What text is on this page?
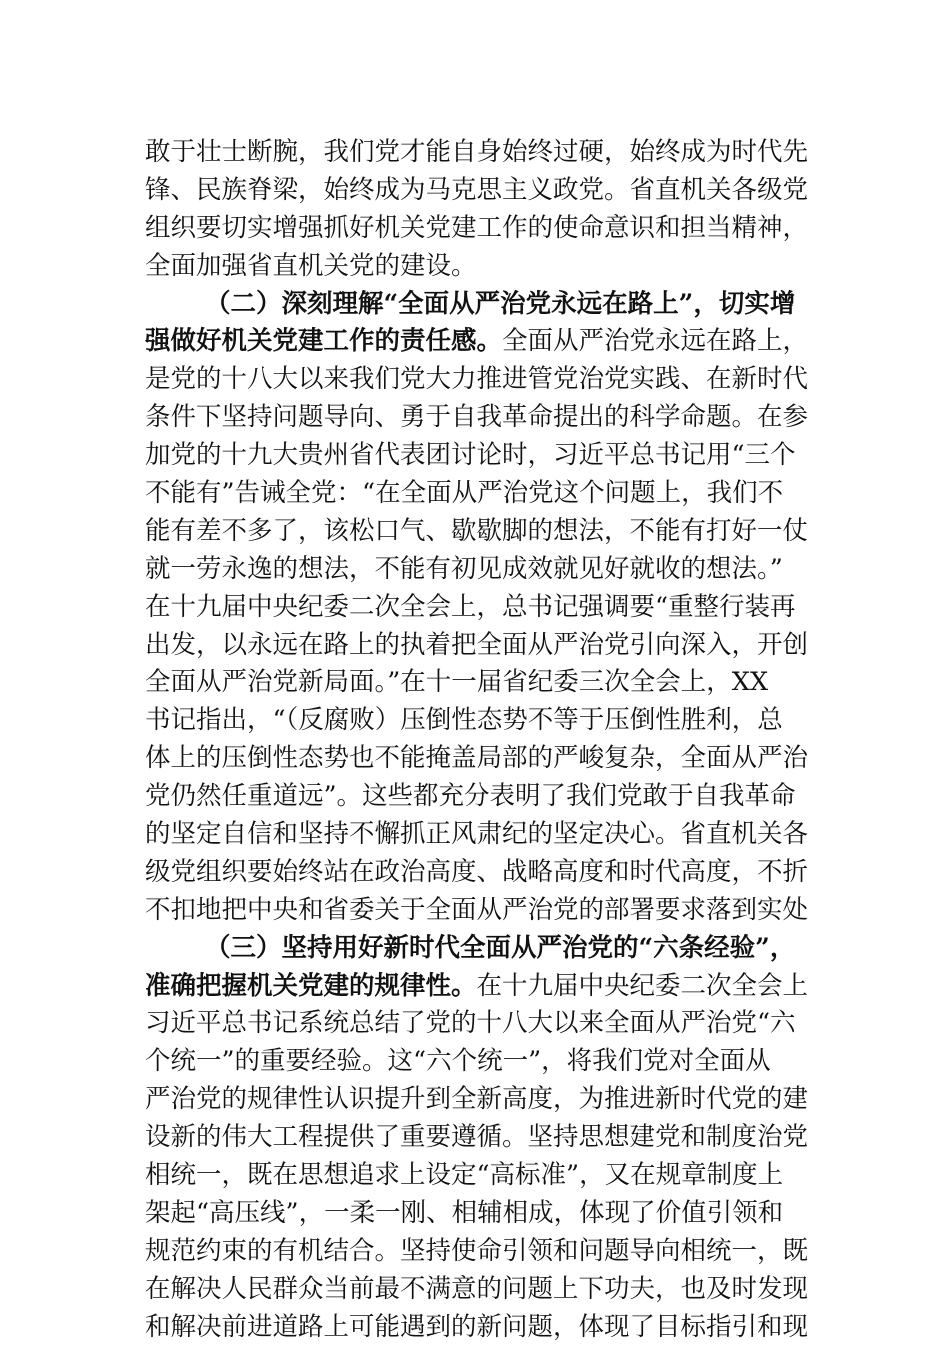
敢于壮士断腕，我们党才能自身始终过硬，始终成为时代先
锋、民族脊梁，始终成为马克思主义政党。省直机关各级党
组织要切实增强抓好机关党建工作的使命意识和担当精神，
全面加强省直机关党的建设。
（二）深刻理解“全面从严治党永远在路上”，切实增
强做好机关党建工作的责任感。全面从严治党永远在路上，
是党的十八大以来我们党大力推进管党治党实践、在新时代
条件下坚持问题导向、勇于自我革命提出的科学命题。在参
加党的十九大贵州省代表团讨论时，习近平总书记用“三个
不能有”告诫全党：“在全面从严治党这个问题上，我们不
能有差不多了，该松口气、歇歇脚的想法，不能有打好一仗
就一劳永逸的想法，不能有初见成效就见好就收的想法。”
在十九届中央纪委二次全会上，总书记强调要“重整行装再
出发，以永远在路上的执着把全面从严治党引向深入，开创
全面从严治党新局面。”在十一届省纪委三次全会上，XX
书记指出，“（反腐败）压倒性态势不等于压倒性胜利，总
体上的压倒性态势也不能掩盖局部的严峻复杂，全面从严治
党仍然任重道远”。这些都充分表明了我们党敢于自我革命
的坚定自信和坚持不懈抓正风肃纪的坚定决心。省直机关各
级党组织要始终站在政治高度、战略高度和时代高度，不折
不扣地把中央和省委关于全面从严治党的部署要求落到实处
（三）坚持用好新时代全面从严治党的“六条经验”，
准确把握机关党建的规律性。在十九届中央纪委二次全会上
习近平总书记系统总结了党的十八大以来全面从严治党“六
个统一”的重要经验。这“六个统一”，将我们党对全面从
严治党的规律性认识提升到全新高度，为推进新时代党的建
设新的伟大工程提供了重要遵循。坚持思想建党和制度治党
相统一，既在思想追求上设定“高标准”，又在规章制度上
架起“高压线”，一柔一刚、相辅相成，体现了价值引领和
规范约束的有机结合。坚持使命引领和问题导向相统一，既
在解决人民群众当前最不满意的问题上下功夫，也及时发现
和解决前进道路上可能遇到的新问题，体现了目标指引和现
